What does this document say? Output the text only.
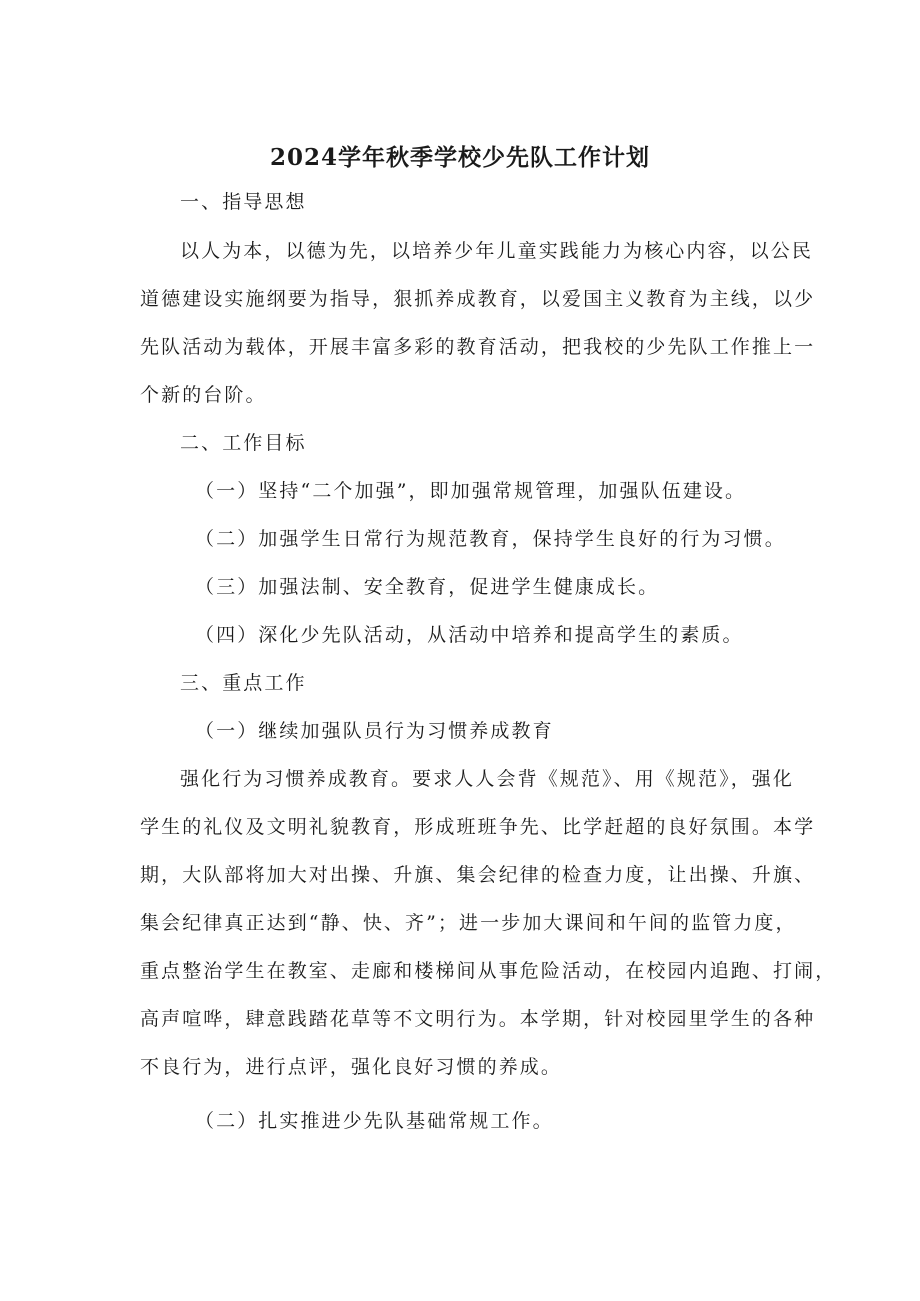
2024学年秋季学校少先队工作计划

一、指导思想

以人为本，以德为先，以培养少年儿童实践能力为核心内容，以公民

道德建设实施纲要为指导，狠抓养成教育，以爱国主义教育为主线，以少

先队活动为载体，开展丰富多彩的教育活动，把我校的少先队工作推上一

个新的台阶。

二、工作目标

（一）坚持“二个加强”，即加强常规管理，加强队伍建设。

（二）加强学生日常行为规范教育，保持学生良好的行为习惯。

（三）加强法制、安全教育，促进学生健康成长。

（四）深化少先队活动，从活动中培养和提高学生的素质。

三、重点工作

（一）继续加强队员行为习惯养成教育

强化行为习惯养成教育。要求人人会背《规范》、用《规范》，强化

学生的礼仪及文明礼貌教育，形成班班争先、比学赶超的良好氛围。本学

期，大队部将加大对出操、升旗、集会纪律的检查力度，让出操、升旗、

集会纪律真正达到“静、快、齐”；进一步加大课间和午间的监管力度，

重点整治学生在教室、走廊和楼梯间从事危险活动，在校园内追跑、打闹，

高声喧哗，肆意践踏花草等不文明行为。本学期，针对校园里学生的各种

不良行为，进行点评，强化良好习惯的养成。

（二）扎实推进少先队基础常规工作。
